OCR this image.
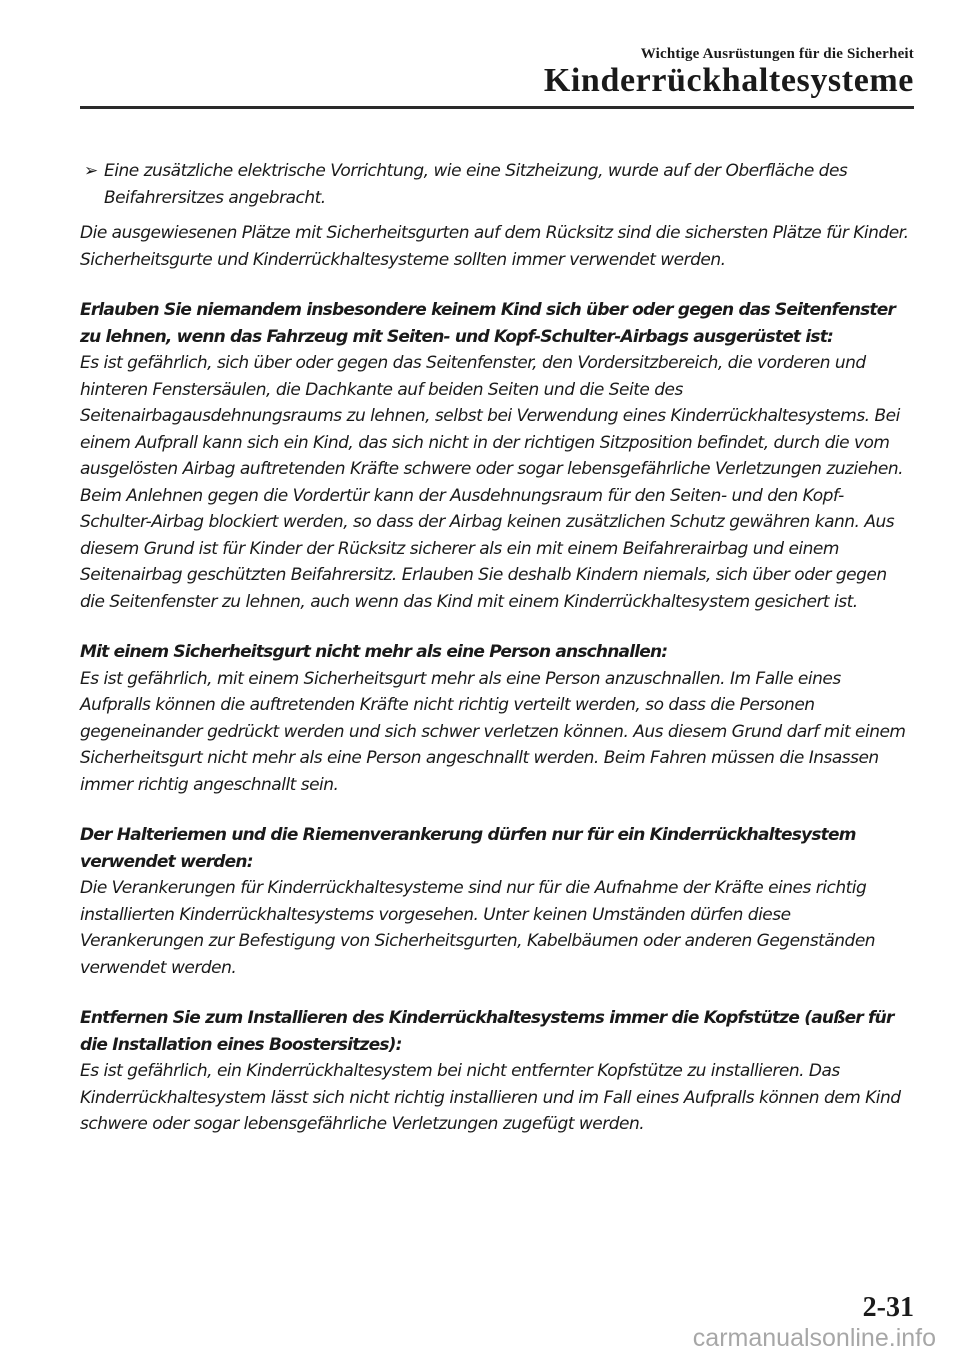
Wichtige Ausrüstungen für die Sicherheit
Kinderrückhaltesysteme
➢ Eine zusätzliche elektrische Vorrichtung, wie eine Sitzheizung, wurde auf der Oberfläche des Beifahrersitzes angebracht.

Die ausgewiesenen Plätze mit Sicherheitsgurten auf dem Rücksitz sind die sichersten Plätze für Kinder. Sicherheitsgurte und Kinderrückhaltesysteme sollten immer verwendet werden.

Erlauben Sie niemandem insbesondere keinem Kind sich über oder gegen das Seitenfenster zu lehnen, wenn das Fahrzeug mit Seiten- und Kopf-Schulter-Airbags ausgerüstet ist:

Es ist gefährlich, sich über oder gegen das Seitenfenster, den Vordersitzbereich, die vorderen und hinteren Fenstersäulen, die Dachkante auf beiden Seiten und die Seite des Seitenairbagausdehnungsraums zu lehnen, selbst bei Verwendung eines Kinderrückhaltesystems. Bei einem Aufprall kann sich ein Kind, das sich nicht in der richtigen Sitzposition befindet, durch die vom ausgelösten Airbag auftretenden Kräfte schwere oder sogar lebensgefährliche Verletzungen zuziehen. Beim Anlehnen gegen die Vordertür kann der Ausdehnungsraum für den Seiten- und den Kopf-Schulter-Airbag blockiert werden, so dass der Airbag keinen zusätzlichen Schutz gewähren kann. Aus diesem Grund ist für Kinder der Rücksitz sicherer als ein mit einem Beifahrerairbag und einem Seitenairbag geschützten Beifahrersitz. Erlauben Sie deshalb Kindern niemals, sich über oder gegen die Seitenfenster zu lehnen, auch wenn das Kind mit einem Kinderrückhaltesystem gesichert ist.

Mit einem Sicherheitsgurt nicht mehr als eine Person anschnallen:

Es ist gefährlich, mit einem Sicherheitsgurt mehr als eine Person anzuschnallen. Im Falle eines Aufpralls können die auftretenden Kräfte nicht richtig verteilt werden, so dass die Personen gegeneinander gedrückt werden und sich schwer verletzen können. Aus diesem Grund darf mit einem Sicherheitsgurt nicht mehr als eine Person angeschnallt werden. Beim Fahren müssen die Insassen immer richtig angeschnallt sein.

Der Halteriemen und die Riemenverankerung dürfen nur für ein Kinderrückhaltesystem verwendet werden:

Die Verankerungen für Kinderrückhaltesysteme sind nur für die Aufnahme der Kräfte eines richtig installierten Kinderrückhaltesystems vorgesehen. Unter keinen Umständen dürfen diese Verankerungen zur Befestigung von Sicherheitsgurten, Kabelbäumen oder anderen Gegenständen verwendet werden.

Entfernen Sie zum Installieren des Kinderrückhaltesystems immer die Kopfstütze (außer für die Installation eines Boostersitzes):

Es ist gefährlich, ein Kinderrückhaltesystem bei nicht entfernter Kopfstütze zu installieren. Das Kinderrückhaltesystem lässt sich nicht richtig installieren und im Fall eines Aufpralls können dem Kind schwere oder sogar lebensgefährliche Verletzungen zugefügt werden.

2-31
carmanualsonline.info
